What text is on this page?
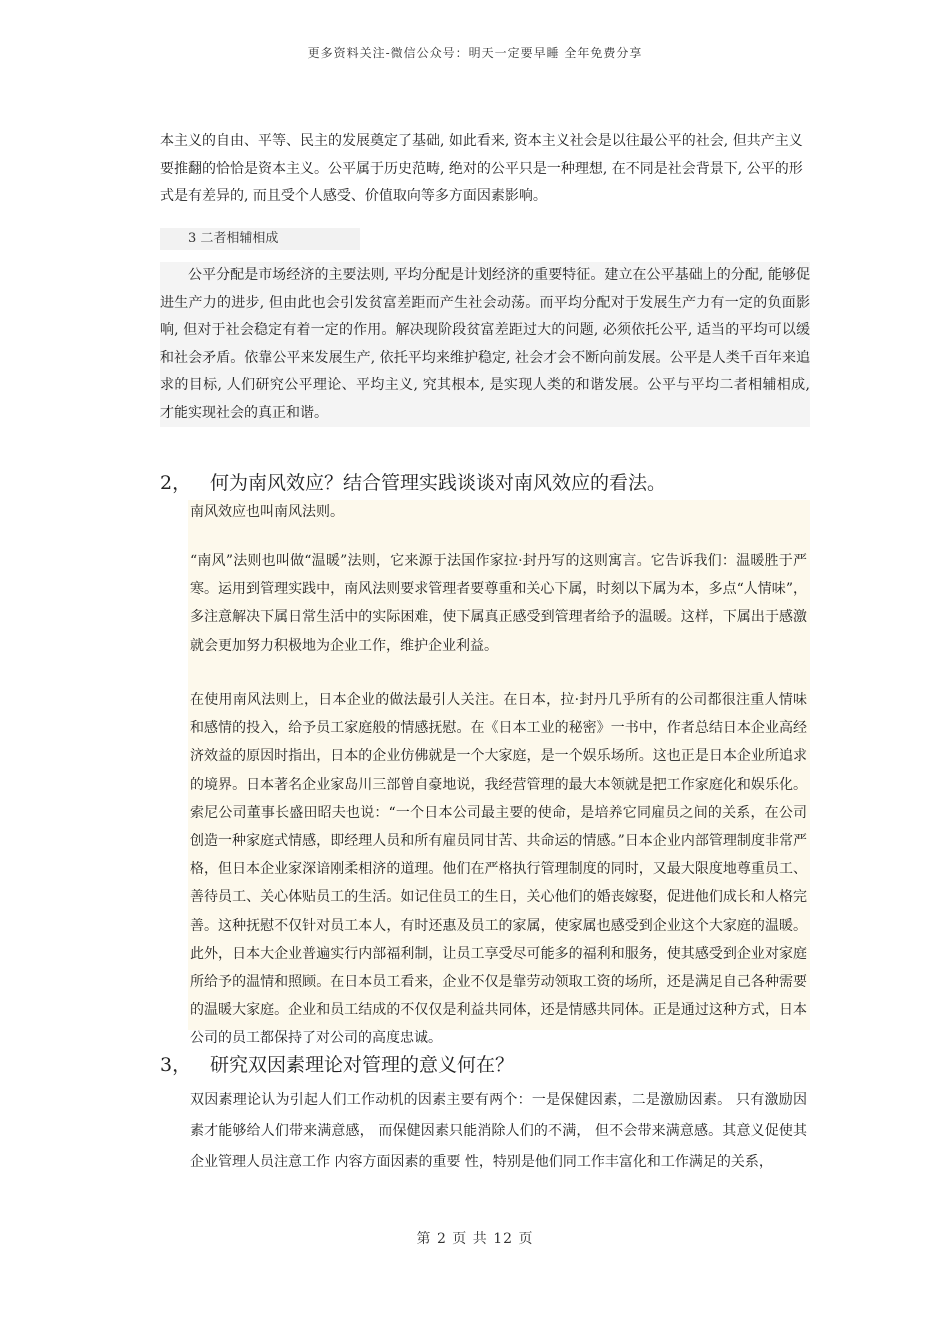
更多资料关注-微信公众号：明天一定要早睡 全年免费分享
本主义的自由、平等、民主的发展奠定了基础, 如此看来, 资本主义社会是以往最公平的社会, 但共产主义
要推翻的恰恰是资本主义。公平属于历史范畴, 绝对的公平只是一种理想, 在不同是社会背景下, 公平的形
式是有差异的, 而且受个人感受、价值取向等多方面因素影响。
3 二者相辅相成

公平分配是市场经济的主要法则, 平均分配是计划经济的重要特征。建立在公平基础上的分配, 能够促进生产力的进步, 但由此也会引发贫富差距而产生社会动荡。而平均分配对于发展生产力有一定的负面影响, 但对于社会稳定有着一定的作用。解决现阶段贫富差距过大的问题, 必须依托公平, 适当的平均可以缓和社会矛盾。依靠公平来发展生产, 依托平均来维护稳定, 社会才会不断向前发展。公平是人类千百年来追求的目标, 人们研究公平理论、平均主义, 究其根本, 是实现人类的和谐发展。公平与平均二者相辅相成, 才能实现社会的真正和谐。

2， 何为南风效应？结合管理实践谈谈对南风效应的看法。

南风效应也叫南风法则。

“南风”法则也叫做“温暖”法则，它来源于法国作家拉·封丹写的这则寓言。它告诉我们：温暖胜于严寒。运用到管理实践中，南风法则要求管理者要尊重和关心下属，时刻以下属为本，多点“人情味”，多注意解决下属日常生活中的实际困难，使下属真正感受到管理者给予的温暖。这样，下属出于感激就会更加努力积极地为企业工作，维护企业利益。

在使用南风法则上，日本企业的做法最引人关注。在日本，拉·封丹几乎所有的公司都很注重人情味和感情的投入，给予员工家庭般的情感抚慰。在《日本工业的秘密》一书中，作者总结日本企业高经济效益的原因时指出，日本的企业仿佛就是一个大家庭，是一个娱乐场所。这也正是日本企业所追求的境界。日本著名企业家岛川三部曾自豪地说，我经营管理的最大本领就是把工作家庭化和娱乐化。索尼公司董事长盛田昭夫也说：“一个日本公司最主要的使命，是培养它同雇员之间的关系，在公司创造一种家庭式情感，即经理人员和所有雇员同甘苦、共命运的情感。”日本企业内部管理制度非常严格，但日本企业家深谙刚柔相济的道理。他们在严格执行管理制度的同时，又最大限度地尊重员工、善待员工、关心体贴员工的生活。如记住员工的生日，关心他们的婚丧嫁娶，促进他们成长和人格完善。这种抚慰不仅针对员工本人，有时还惠及员工的家属，使家属也感受到企业这个大家庭的温暖。此外，日本大企业普遍实行内部福利制，让员工享受尽可能多的福利和服务，使其感受到企业对家庭所给予的温情和照顾。在日本员工看来，企业不仅是靠劳动领取工资的场所，还是满足自己各种需要的温暖大家庭。企业和员工结成的不仅仅是利益共同体，还是情感共同体。正是通过这种方式，日本公司的员工都保持了对公司的高度忠诚。

3， 研究双因素理论对管理的意义何在？

双因素理论认为引起人们工作动机的因素主要有两个：一是保健因素，二是激励因素。 只有激励因素才能够给人们带来满意感， 而保健因素只能消除人们的不满， 但不会带来满意感。其意义促使其企业管理人员注意工作 内容方面因素的重要 性，特别是他们同工作丰富化和工作满足的关系，

第 2 页 共 12 页
